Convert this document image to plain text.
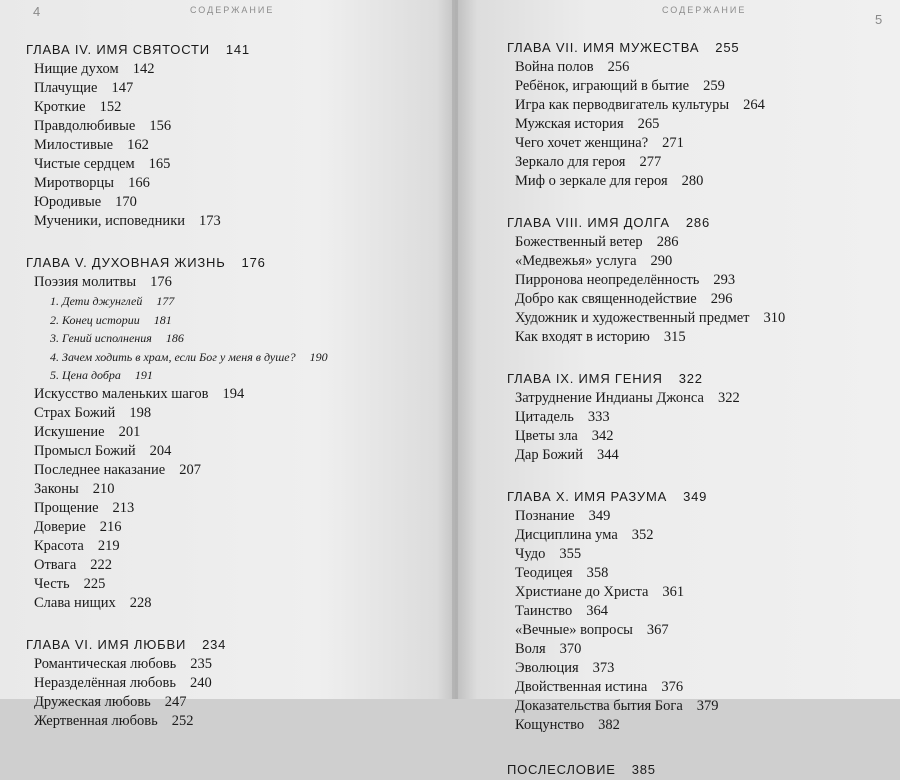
4	СОДЕРЖАНИЕ
ГЛАВА IV. ИМЯ СВЯТОСТИ 141
Нищие духом 142
Плачущие 147
Кроткие 152
Правдолюбивые 156
Милостивые 162
Чистые сердцем 165
Миротворцы 166
Юродивые 170
Мученики, исповедники 173
ГЛАВА V. ДУХОВНАЯ ЖИЗНЬ 176
Поэзия молитвы 176
1. Дети джунглей 177
2. Конец истории 181
3. Гений исполнения 186
4. Зачем ходить в храм, если Бог у меня в душе? 190
5. Цена добра 191
Искусство маленьких шагов 194
Страх Божий 198
Искушение 201
Промысл Божий 204
Последнее наказание 207
Законы 210
Прощение 213
Доверие 216
Красота 219
Отвага 222
Честь 225
Слава нищих 228
ГЛАВА VI. ИМЯ ЛЮБВИ 234
Романтическая любовь 235
Неразделённая любовь 240
Дружеская любовь 247
Жертвенная любовь 252
СОДЕРЖАНИЕ
5
ГЛАВА VII. ИМЯ МУЖЕСТВА 255
Война полов 256
Ребёнок, играющий в бытие 259
Игра как перводвигатель культуры 264
Мужская история 265
Чего хочет женщина? 271
Зеркало для героя 277
Миф о зеркале для героя 280
ГЛАВА VIII. ИМЯ ДОЛГА 286
Божественный ветер 286
«Медвежья» услуга 290
Пирронова неопределённость 293
Добро как священнодействие 296
Художник и художественный предмет 310
Как входят в историю 315
ГЛАВА IX. ИМЯ ГЕНИЯ 322
Затруднение Индианы Джонса 322
Цитадель 333
Цветы зла 342
Дар Божий 344
ГЛАВА X. ИМЯ РАЗУМА 349
Познание 349
Дисциплина ума 352
Чудо 355
Теодицея 358
Христиане до Христа 361
Таинство 364
«Вечные» вопросы 367
Воля 370
Эволюция 373
Двойственная истина 376
Доказательства бытия Бога 379
Кощунство 382
ПОСЛЕСЛОВИЕ 385
